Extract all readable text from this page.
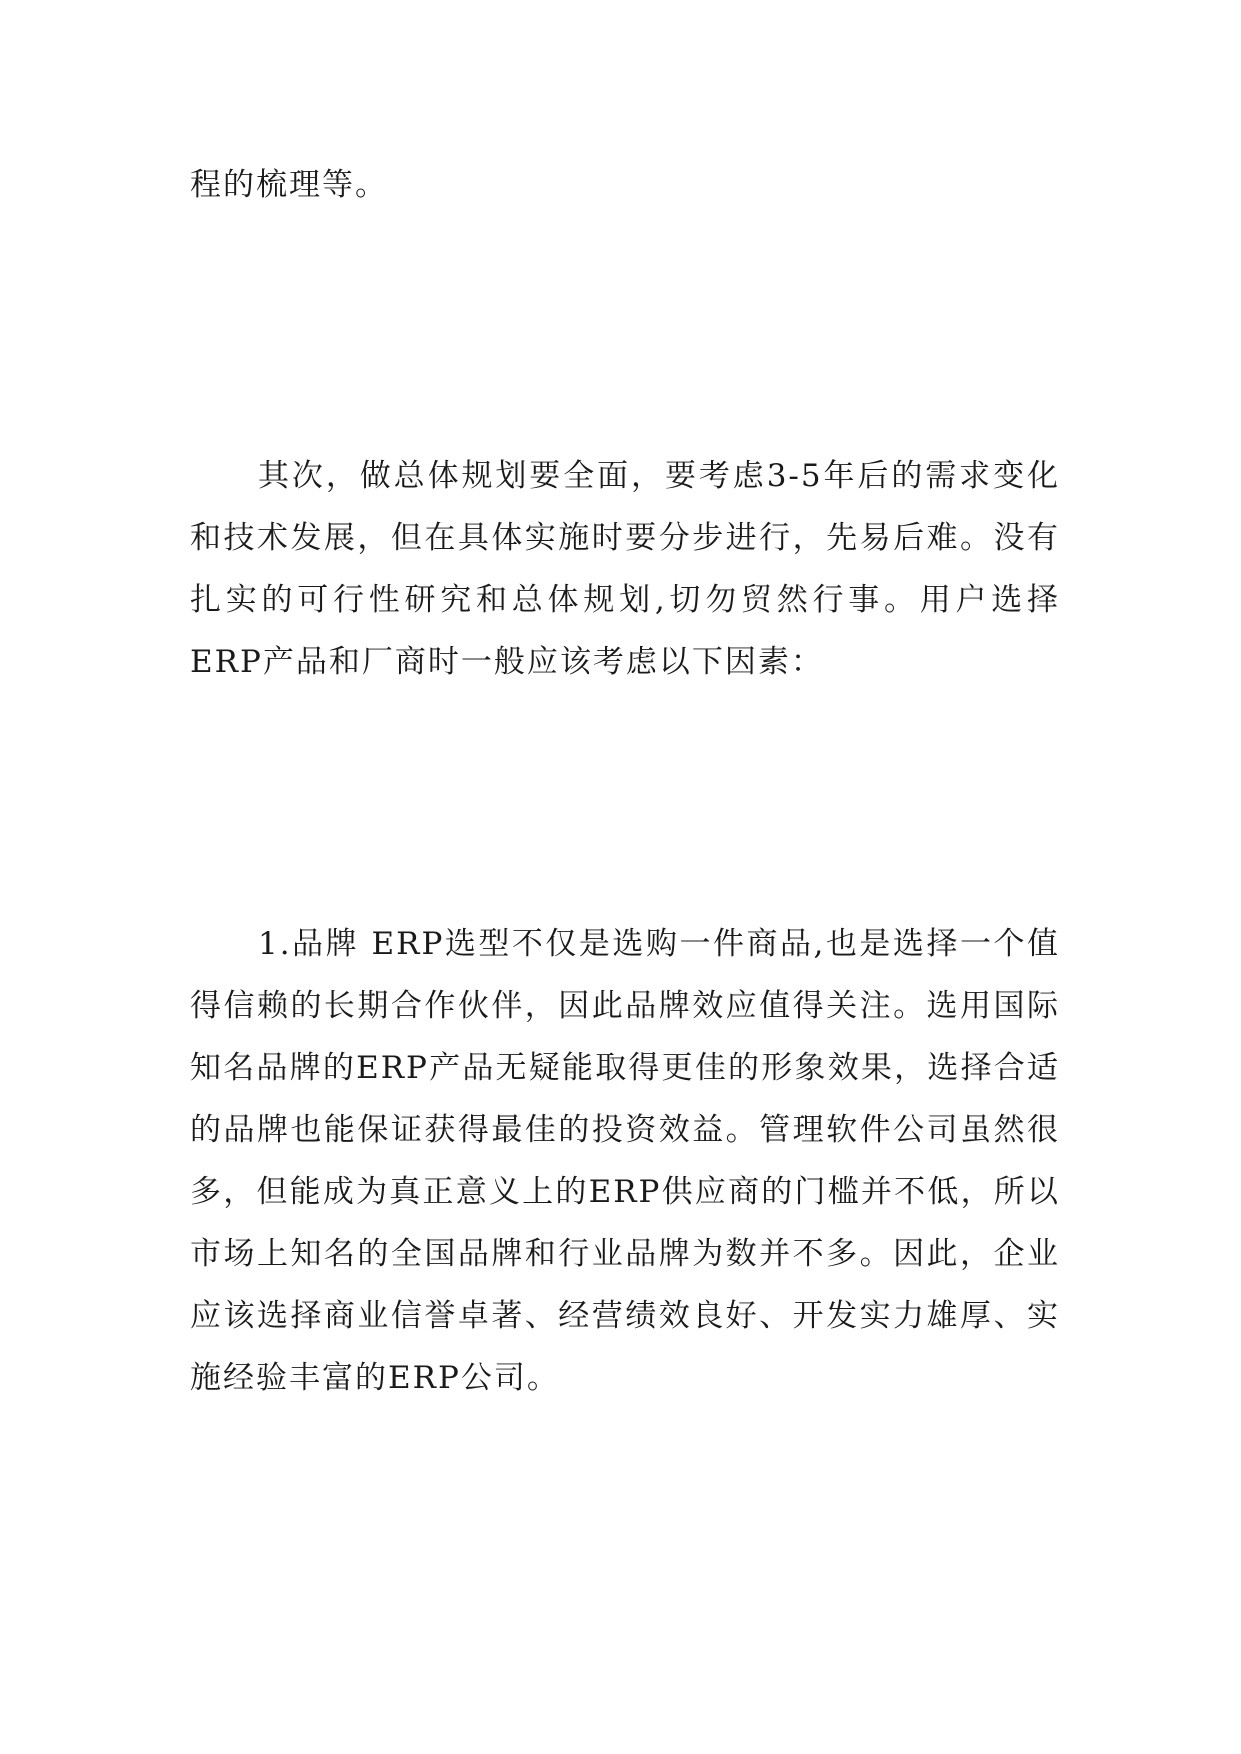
程的梳理等。

其次，做总体规划要全面，要考虑3-5年后的需求变化和技术发展，但在具体实施时要分步进行，先易后难。没有扎实的可行性研究和总体规划,切勿贸然行事。用户选择ERP产品和厂商时一般应该考虑以下因素：

1.品牌 ERP选型不仅是选购一件商品,也是选择一个值得信赖的长期合作伙伴，因此品牌效应值得关注。选用国际知名品牌的ERP产品无疑能取得更佳的形象效果，选择合适的品牌也能保证获得最佳的投资效益。管理软件公司虽然很多，但能成为真正意义上的ERP供应商的门槛并不低，所以市场上知名的全国品牌和行业品牌为数并不多。因此，企业应该选择商业信誉卓著、经营绩效良好、开发实力雄厚、实施经验丰富的ERP公司。
